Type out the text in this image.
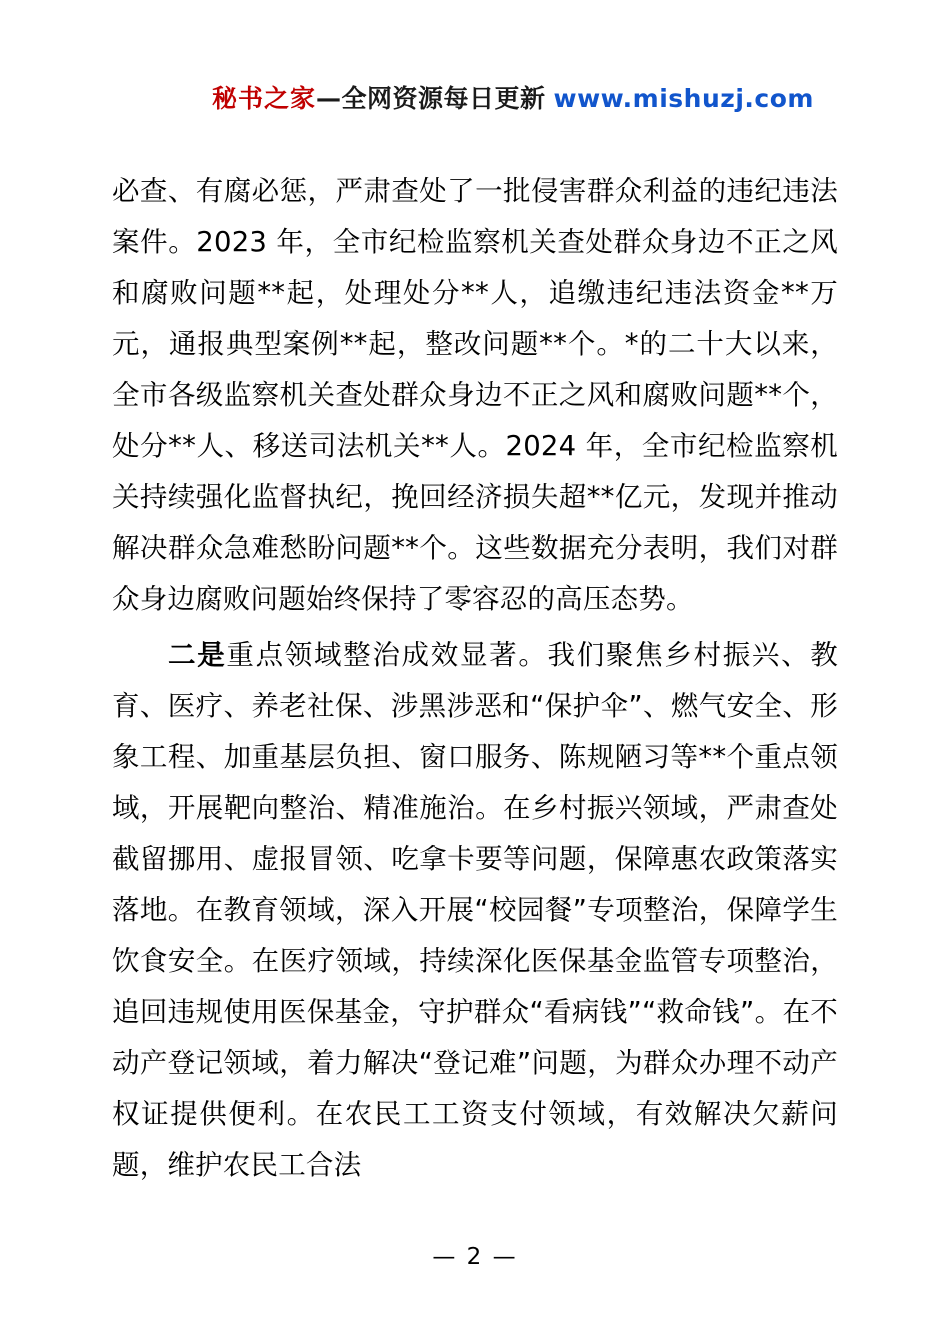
秘书之家—全网资源每日更新 www.mishuzj.com

必查、有腐必惩，严肃查处了一批侵害群众利益的违纪违法案件。2023 年，全市纪检监察机关查处群众身边不正之风和腐败问题**起，处理处分**人，追缴违纪违法资金**万元，通报典型案例**起，整改问题**个。*的二十大以来，全市各级监察机关查处群众身边不正之风和腐败问题**个，处分**人、移送司法机关**人。2024 年，全市纪检监察机关持续强化监督执纪，挽回经济损失超**亿元，发现并推动解决群众急难愁盼问题**个。这些数据充分表明，我们对群众身边腐败问题始终保持了零容忍的高压态势。

二是重点领域整治成效显著。我们聚焦乡村振兴、教育、医疗、养老社保、涉黑涉恶和“保护伞”、燃气安全、形象工程、加重基层负担、窗口服务、陈规陋习等**个重点领域，开展靶向整治、精准施治。在乡村振兴领域，严肃查处截留挪用、虚报冒领、吃拿卡要等问题，保障惠农政策落实落地。在教育领域，深入开展“校园餐”专项整治，保障学生饮食安全。在医疗领域，持续深化医保基金监管专项整治，追回违规使用医保基金，守护群众“看病钱”“救命钱”。在不动产登记领域，着力解决“登记难”问题，为群众办理不动产权证提供便利。在农民工工资支付领域，有效解决欠薪问题，维护农民工合法

— 2 —
